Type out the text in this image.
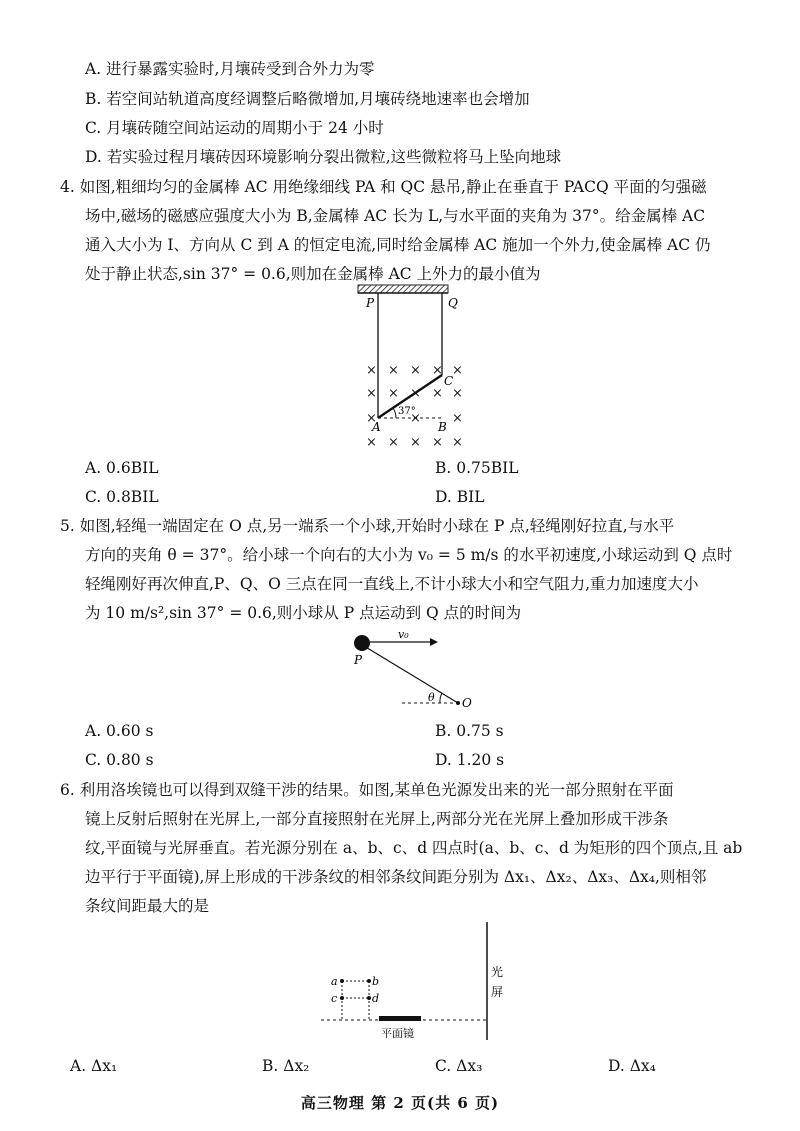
A. 进行暴露实验时,月壤砖受到合外力为零
B. 若空间站轨道高度经调整后略微增加,月壤砖绕地速率也会增加
C. 月壤砖随空间站运动的周期小于 24 小时
D. 若实验过程月壤砖因环境影响分裂出微粒,这些微粒将马上坠向地球
4. 如图,粗细均匀的金属棒 AC 用绝缘细线 PA 和 QC 悬吊,静止在垂直于 PACQ 平面的匀强磁
场中,磁场的磁感应强度大小为 B,金属棒 AC 长为 L,与水平面的夹角为 37°。给金属棒 AC
通入大小为 I、方向从 C 到 A 的恒定电流,同时给金属棒 AC 施加一个外力,使金属棒 AC 仍
处于静止状态,sin 37° = 0.6,则加在金属棒 AC 上外力的最小值为
× × × × ×
× × × × ×
×	× ×
× × × × ×
P	Q
C
A	B
37°
A. 0.6BIL	B. 0.75BIL
C. 0.8BIL	D. BIL
5. 如图,轻绳一端固定在 O 点,另一端系一个小球,开始时小球在 P 点,轻绳刚好拉直,与水平
方向的夹角 θ = 37°。给小球一个向右的大小为 v₀ = 5 m/s 的水平初速度,小球运动到 Q 点时
轻绳刚好再次伸直,P、Q、O 三点在同一直线上,不计小球大小和空气阻力,重力加速度大小
为 10 m/s²,sin 37° = 0.6,则小球从 P 点运动到 Q 点的时间为
P
v₀
θ O
A. 0.60 s	B. 0.75 s
C. 0.80 s	D. 1.20 s
6. 利用洛埃镜也可以得到双缝干涉的结果。如图,某单色光源发出来的光一部分照射在平面
镜上反射后照射在光屏上,一部分直接照射在光屏上,两部分光在光屏上叠加形成干涉条
纹,平面镜与光屏垂直。若光源分别在 a、b、c、d 四点时(a、b、c、d 为矩形的四个顶点,且 ab
边平行于平面镜),屏上形成的干涉条纹的相邻条纹间距分别为 Δx₁、Δx₂、Δx₃、Δx₄,则相邻
条纹间距最大的是
a	b
c	d
光
屏
平面镜
A. Δx₁	B. Δx₂	C. Δx₃	D. Δx₄
高三物理 第 2 页(共 6 页)
